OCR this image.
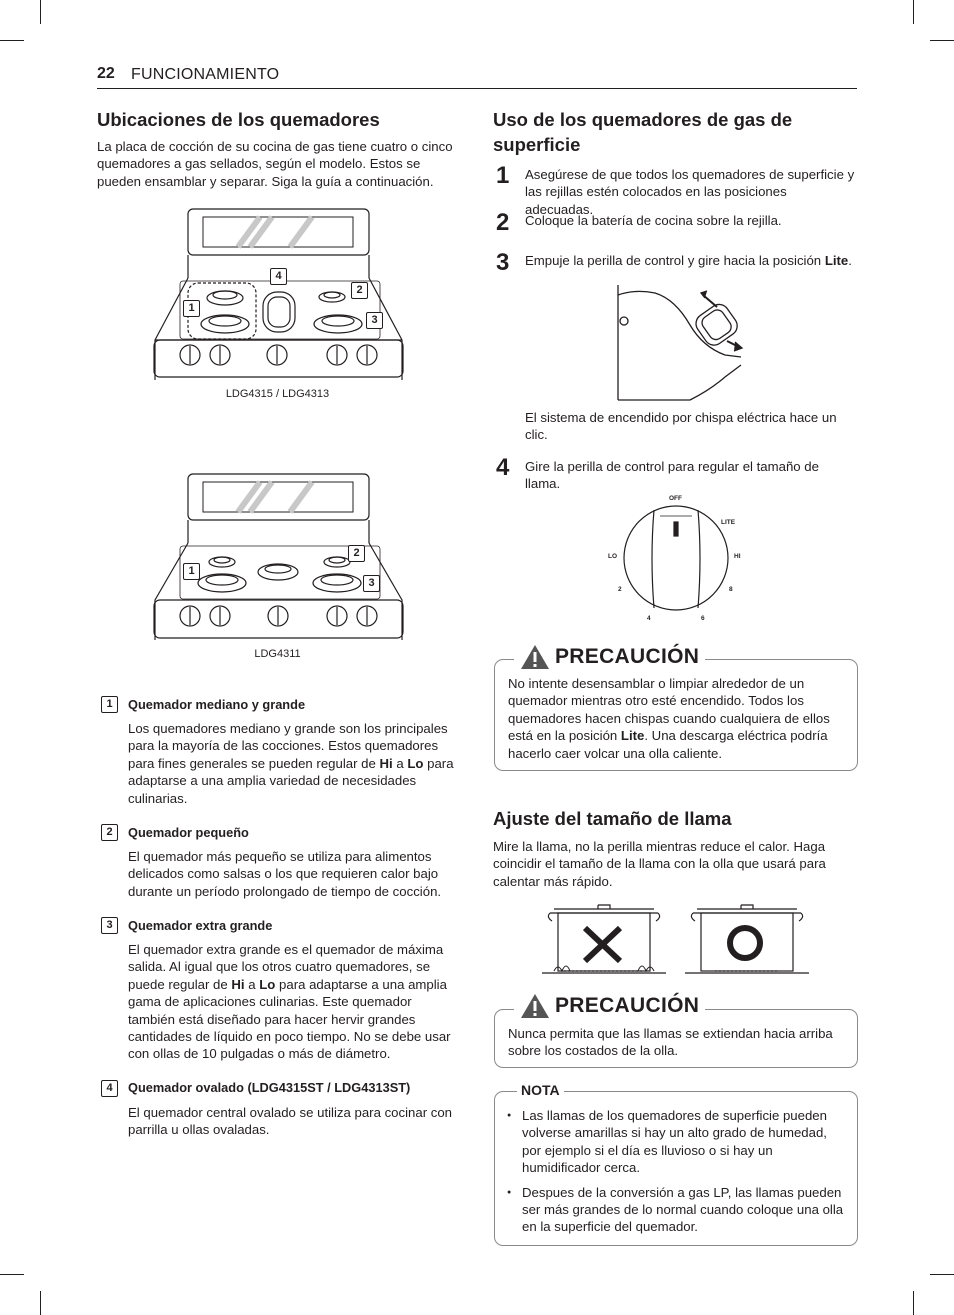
22 FUNCIONAMIENTO
Ubicaciones de los quemadores
La placa de cocción de su cocina de gas tiene cuatro o cinco quemadores a gas sellados, según el modelo. Estos se pueden ensamblar y separar. Siga la guía a continuación.
1
4
2
3
LDG4315 / LDG4313
1
2
3
LDG4311
1	Quemador mediano y grande
Los quemadores mediano y grande son los principales para la mayoría de las cocciones. Estos quemadores para fines generales se pueden regular de Hi a Lo para adaptarse a una amplia variedad de necesidades culinarias.
2	Quemador pequeño
El quemador más pequeño se utiliza para alimentos delicados como salsas o los que requieren calor bajo durante un período prolongado de tiempo de cocción.
3	Quemador extra grande
El quemador extra grande es el quemador de máxima salida. Al igual que los otros cuatro quemadores, se puede regular de Hi a Lo para adaptarse a una amplia gama de aplicaciones culinarias. Este quemador también está diseñado para hacer hervir grandes cantidades de líquido en poco tiempo. No se debe usar con ollas de 10 pulgadas o más de diámetro.
4	Quemador ovalado (LDG4315ST / LDG4313ST)
El quemador central ovalado se utiliza para cocinar con parrilla u ollas ovaladas.
Uso de los quemadores de gas de superficie
1 Asegúrese de que todos los quemadores de superficie y las rejillas estén colocados en las posiciones adecuadas.
2 Coloque la batería de cocina sobre la rejilla.
3 Empuje la perilla de control y gire hacia la posición Lite.
El sistema de encendido por chispa eléctrica hace un clic.
4 Gire la perilla de control para regular el tamaño de llama.
OFF
LITE
LO	HI
2	8
4	6
PRECAUCIÓN
No intente desensamblar o limpiar alrededor de un quemador mientras otro esté encendido. Todos los quemadores hacen chispas cuando cualquiera de ellos está en la posición Lite. Una descarga eléctrica podría hacerlo caer volcar una olla caliente.
Ajuste del tamaño de llama
Mire la llama, no la perilla mientras reduce el calor. Haga coincidir el tamaño de la llama con la olla que usará para calentar más rápido.
PRECAUCIÓN
Nunca permita que las llamas se extiendan hacia arriba sobre los costados de la olla.
NOTA
● Las llamas de los quemadores de superficie pueden volverse amarillas si hay un alto grado de humedad, por ejemplo si el día es lluvioso o si hay un humidificador cerca.
● Despues de la conversión a gas LP, las llamas pueden ser más grandes de lo normal cuando coloque una olla en la superficie del quemador.
